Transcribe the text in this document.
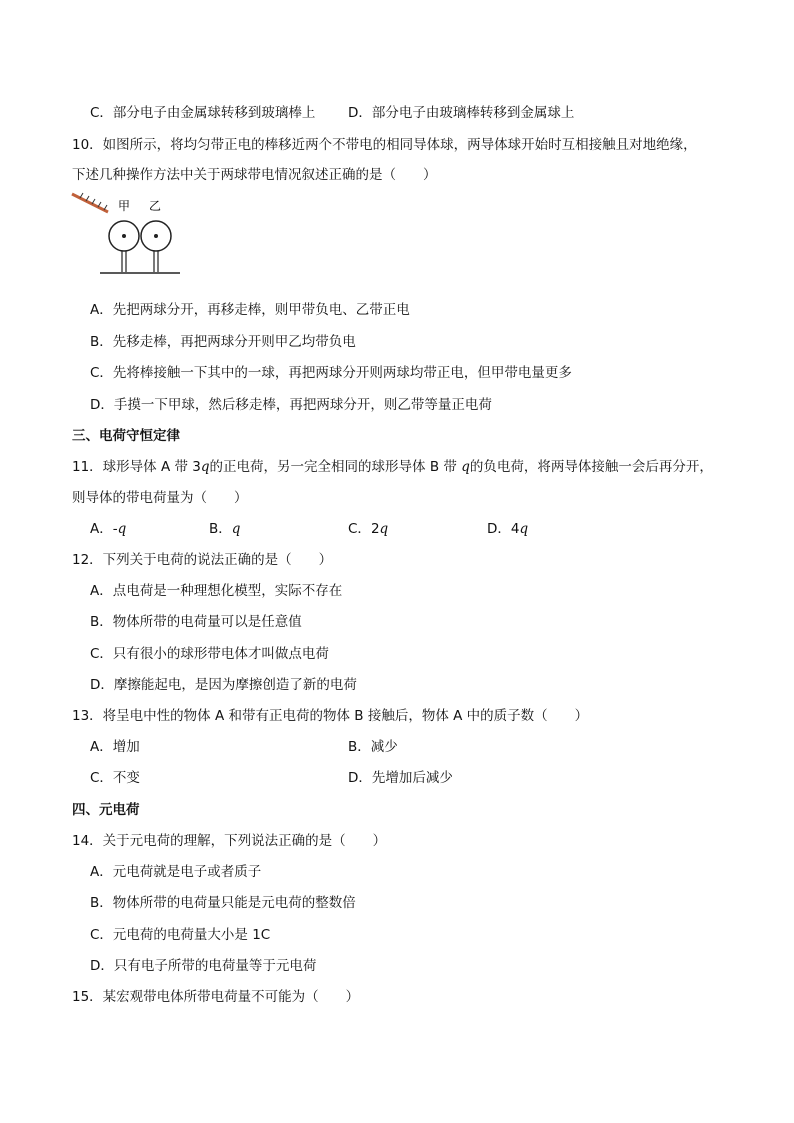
C．部分电子由金属球转移到玻璃棒上 D．部分电子由玻璃棒转移到金属球上
10．如图所示，将均匀带正电的棒移近两个不带电的相同导体球，两导体球开始时互相接触且对地绝缘，
下述几种操作方法中关于两球带电情况叙述正确的是（　　）
甲 乙
A．先把两球分开，再移走棒，则甲带负电、乙带正电
B．先移走棒，再把两球分开则甲乙均带负电
C．先将棒接触一下其中的一球，再把两球分开则两球均带正电，但甲带电量更多
D．手摸一下甲球，然后移走棒，再把两球分开，则乙带等量正电荷
三、电荷守恒定律
11．球形导体 A 带 3q的正电荷，另一完全相同的球形导体 B 带 q的负电荷，将两导体接触一会后再分开，
则导体的带电荷量为（　　）
A．-q	B．q	C．2q	D．4q
12．下列关于电荷的说法正确的是（　　）
A．点电荷是一种理想化模型，实际不存在
B．物体所带的电荷量可以是任意值
C．只有很小的球形带电体才叫做点电荷
D．摩擦能起电，是因为摩擦创造了新的电荷
13．将呈电中性的物体 A 和带有正电荷的物体 B 接触后，物体 A 中的质子数（　　）
A．增加	B．减少
C．不变	D．先增加后减少
四、元电荷
14．关于元电荷的理解，下列说法正确的是（　　）
A．元电荷就是电子或者质子
B．物体所带的电荷量只能是元电荷的整数倍
C．元电荷的电荷量大小是 1C
D．只有电子所带的电荷量等于元电荷
15．某宏观带电体所带电荷量不可能为（　　）
